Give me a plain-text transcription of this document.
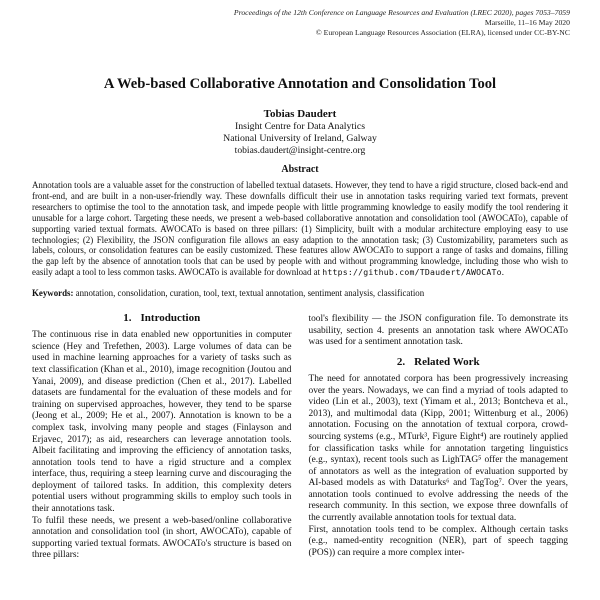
Proceedings of the 12th Conference on Language Resources and Evaluation (LREC 2020), pages 7053–7059
Marseille, 11–16 May 2020
© European Language Resources Association (ELRA), licensed under CC-BY-NC
A Web-based Collaborative Annotation and Consolidation Tool
Tobias Daudert
Insight Centre for Data Analytics
National University of Ireland, Galway
tobias.daudert@insight-centre.org
Abstract

Annotation tools are a valuable asset for the construction of labelled textual datasets. However, they tend to have a rigid structure, closed back-end and front-end, and are built in a non-user-friendly way. These downfalls difficult their use in annotation tasks requiring varied text formats, prevent researchers to optimise the tool to the annotation task, and impede people with little programming knowledge to easily modify the tool rendering it unusable for a large cohort. Targeting these needs, we present a web-based collaborative annotation and consolidation tool (AWOCATo), capable of supporting varied textual formats. AWOCATo is based on three pillars: (1) Simplicity, built with a modular architecture employing easy to use technologies; (2) Flexibility, the JSON configuration file allows an easy adaption to the annotation task; (3) Customizability, parameters such as labels, colours, or consolidation features can be easily customized. These features allow AWOCATo to support a range of tasks and domains, filling the gap left by the absence of annotation tools that can be used by people with and without programming knowledge, including those who wish to easily adapt a tool to less common tasks. AWOCATo is available for download at https://github.com/TDaudert/AWOCATo.

Keywords: annotation, consolidation, curation, tool, text, textual annotation, sentiment analysis, classification

1. Introduction

The continuous rise in data enabled new opportunities in computer science (Hey and Trefethen, 2003). Large volumes of data can be used in machine learning approaches for a variety of tasks such as text classification (Khan et al., 2010), image recognition (Joutou and Yanai, 2009), and disease prediction (Chen et al., 2017). Labelled datasets are fundamental for the evaluation of these models and for training on supervised approaches, however, they tend to be sparse (Jeong et al., 2009; He et al., 2007). Annotation is known to be a complex task, involving many people and stages (Finlayson and Erjavec, 2017); as aid, researchers can leverage annotation tools. Albeit facilitating and improving the efficiency of annotation tasks, annotation tools tend to have a rigid structure and a complex interface, thus, requiring a steep learning curve and discouraging the deployment of tailored tasks. In addition, this complexity deters potential users without programming skills to employ such tools in their annotations task.

To fulfil these needs, we present a web-based/online collaborative annotation and consolidation tool (in short, AWOCATo), capable of supporting varied textual formats. AWOCATo's structure is based on three pillars:

tool's flexibility — the JSON configuration file. To demonstrate its usability, section 4. presents an annotation task where AWOCATo was used for a sentiment annotation task.

2. Related Work

The need for annotated corpora has been progressively increasing over the years. Nowadays, we can find a myriad of tools adapted to video (Lin et al., 2003), text (Yimam et al., 2013; Bontcheva et al., 2013), and multimodal data (Kipp, 2001; Wittenburg et al., 2006) annotation. Focusing on the annotation of textual corpora, crowd-sourcing systems (e.g., MTurk³, Figure Eight⁴) are routinely applied for classification tasks while for annotation targeting linguistics (e.g., syntax), recent tools such as LighTAG⁵ offer the management of annotators as well as the integration of evaluation supported by AI-based models as with Dataturks⁶ and TagTog⁷. Over the years, annotation tools continued to evolve addressing the needs of the research community. In this section, we expose three downfalls of the currently available annotation tools for textual data.

First, annotation tools tend to be complex. Although certain tasks (e.g., named-entity recognition (NER), part of speech tagging (POS)) can require a more complex inter-
